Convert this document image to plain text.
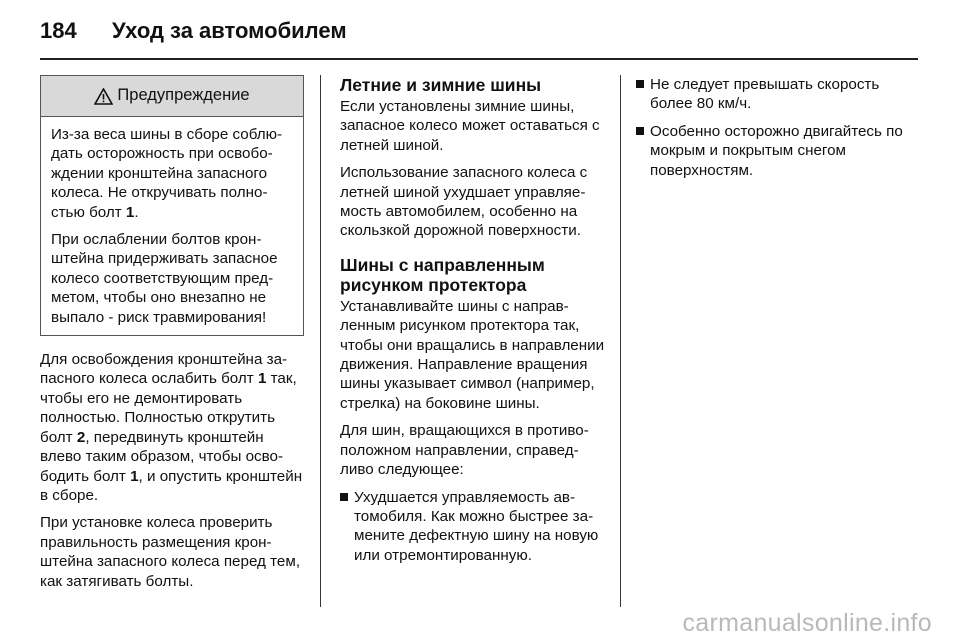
184	Уход за автомобилем
Предупреждение

Из-за веса шины в сборе соблюдать осторожность при освобождении кронштейна запасного колеса. Не откручивать полностью болт 1.

При ослаблении болтов кронштейна придерживать запасное колесо соответствующим предметом, чтобы оно внезапно не выпало - риск травмирования!

Для освобождения кронштейна запасного колеса ослабить болт 1 так, чтобы его не демонтировать полностью. Полностью открутить болт 2, передвинуть кронштейн влево таким образом, чтобы освободить болт 1, и опустить кронштейн в сборе.

При установке колеса проверить правильность размещения кронштейна запасного колеса перед тем, как затягивать болты.

Летние и зимние шины

Если установлены зимние шины, запасное колесо может оставаться с летней шиной.

Использование запасного колеса с летней шиной ухудшает управляемость автомобилем, особенно на скользкой дорожной поверхности.

Шины с направленным рисунком протектора

Устанавливайте шины с направленным рисунком протектора так, чтобы они вращались в направлении движения. Направление вращения шины указывает символ (например, стрелка) на боковине шины.

Для шин, вращающихся в противоположном направлении, справедливо следующее:

Ухудшается управляемость автомобиля. Как можно быстрее замените дефектную шину на новую или отремонтированную.
Не следует превышать скорость более 80 км/ч.
Особенно осторожно двигайтесь по мокрым и покрытым снегом поверхностям.
carmanualsonline.info
